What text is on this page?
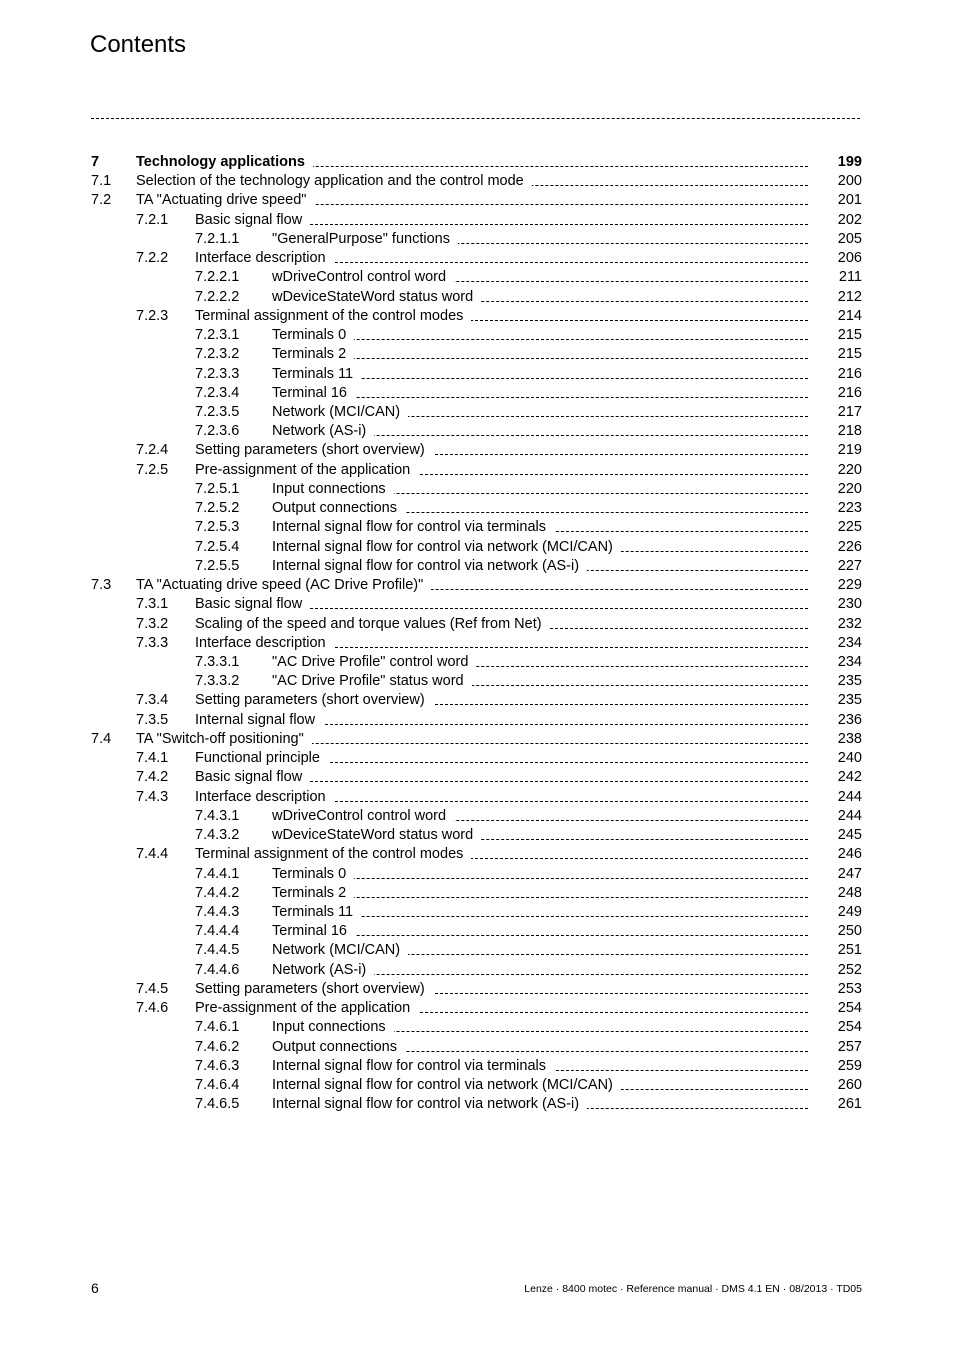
Contents
7	Technology applications	199
7.1 Selection of the technology application and the control mode	200
7.2 TA "Actuating drive speed"	201
7.2.1 Basic signal flow	202
7.2.1.1 "GeneralPurpose" functions	205
7.2.2 Interface description	206
7.2.2.1 wDriveControl control word	211
7.2.2.2 wDeviceStateWord status word	212
7.2.3 Terminal assignment of the control modes	214
7.2.3.1 Terminals 0	215
7.2.3.2 Terminals 2	215
7.2.3.3 Terminals 11	216
7.2.3.4 Terminal 16	216
7.2.3.5 Network (MCI/CAN)	217
7.2.3.6 Network (AS-i)	218
7.2.4 Setting parameters (short overview)	219
7.2.5 Pre-assignment of the application	220
7.2.5.1 Input connections	220
7.2.5.2 Output connections	223
7.2.5.3 Internal signal flow for control via terminals	225
7.2.5.4 Internal signal flow for control via network (MCI/CAN)	226
7.2.5.5 Internal signal flow for control via network (AS-i)	227
7.3 TA "Actuating drive speed (AC Drive Profile)"	229
7.3.1 Basic signal flow	230
7.3.2 Scaling of the speed and torque values (Ref from Net)	232
7.3.3 Interface description	234
7.3.3.1 "AC Drive Profile" control word	234
7.3.3.2 "AC Drive Profile" status word	235
7.3.4 Setting parameters (short overview)	235
7.3.5 Internal signal flow	236
7.4 TA "Switch-off positioning"	238
7.4.1 Functional principle	240
7.4.2 Basic signal flow	242
7.4.3 Interface description	244
7.4.3.1 wDriveControl control word	244
7.4.3.2 wDeviceStateWord status word	245
7.4.4 Terminal assignment of the control modes	246
7.4.4.1 Terminals 0	247
7.4.4.2 Terminals 2	248
7.4.4.3 Terminals 11	249
7.4.4.4 Terminal 16	250
7.4.4.5 Network (MCI/CAN)	251
7.4.4.6 Network (AS-i)	252
7.4.5 Setting parameters (short overview)	253
7.4.6 Pre-assignment of the application	254
7.4.6.1 Input connections	254
7.4.6.2 Output connections	257
7.4.6.3 Internal signal flow for control via terminals	259
7.4.6.4 Internal signal flow for control via network (MCI/CAN)	260
7.4.6.5 Internal signal flow for control via network (AS-i)	261
6	Lenze · 8400 motec · Reference manual · DMS 4.1 EN · 08/2013 · TD05
